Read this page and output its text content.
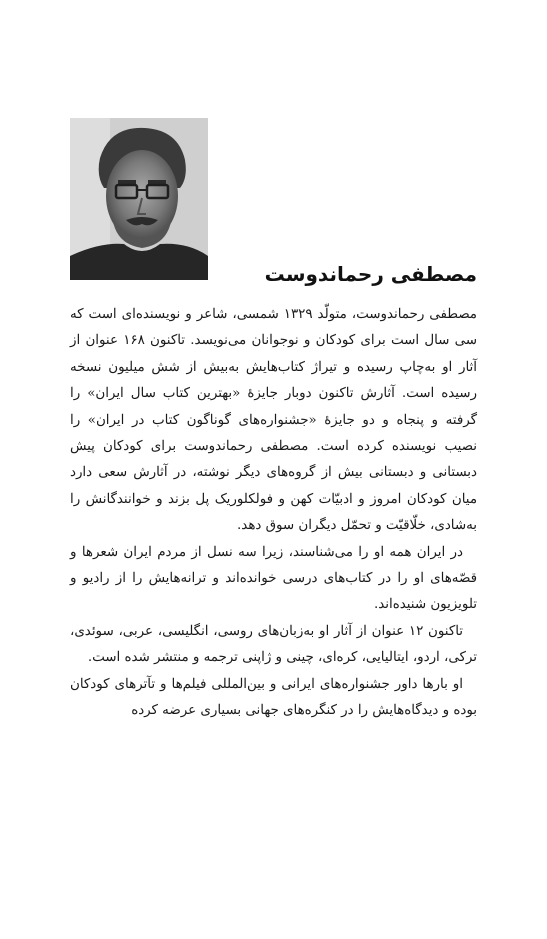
مصطفی رحماندوست

مصطفی رحماندوست، متولّد ۱۳۲۹ شمسی، شاعر و نویسنده‌ای است که سی سال است برای کودکان و نوجوانان می‌نویسد. تاکنون ۱۶۸ عنوان از آثار او به‌چاپ رسیده و تیراژ کتاب‌هایش به‌بیش از شش میلیون نسخه رسیده است. آثارش تاکنون دوبار جایزهٔ «بهترین کتاب سال ایران» را گرفته و پنجاه و دو جایزهٔ «جشنواره‌های گوناگون کتاب در ایران» را نصیب نویسنده کرده است. مصطفی رحماندوست برای کودکان پیش دبستانی و دبستانی بیش از گروه‌های دیگر نوشته، در آثارش سعی دارد میان کودکان امروز و ادبیّات کهن و فولکلوریک پل بزند و خوانندگانش را به‌شادی، خلّاقیّت و تحمّل دیگران سوق دهد.

در ایران همه او را می‌شناسند، زیرا سه نسل از مردم ایران شعرها و قصّه‌های او را در کتاب‌های درسی خوانده‌اند و ترانه‌هایش را از رادیو و تلویزیون شنیده‌اند.

تاکنون ۱۲ عنوان از آثار او به‌زبان‌های روسی، انگلیسی، عربی، سوئدی، ترکی، اردو، ایتالیایی، کره‌ای، چینی و ژاپنی ترجمه و منتشر شده است.

او بارها داور جشنواره‌های ایرانی و بین‌المللی فیلم‌ها و تآترهای کودکان بوده و دیدگاه‌هایش را در کنگره‌های جهانی بسیاری عرضه کرده
